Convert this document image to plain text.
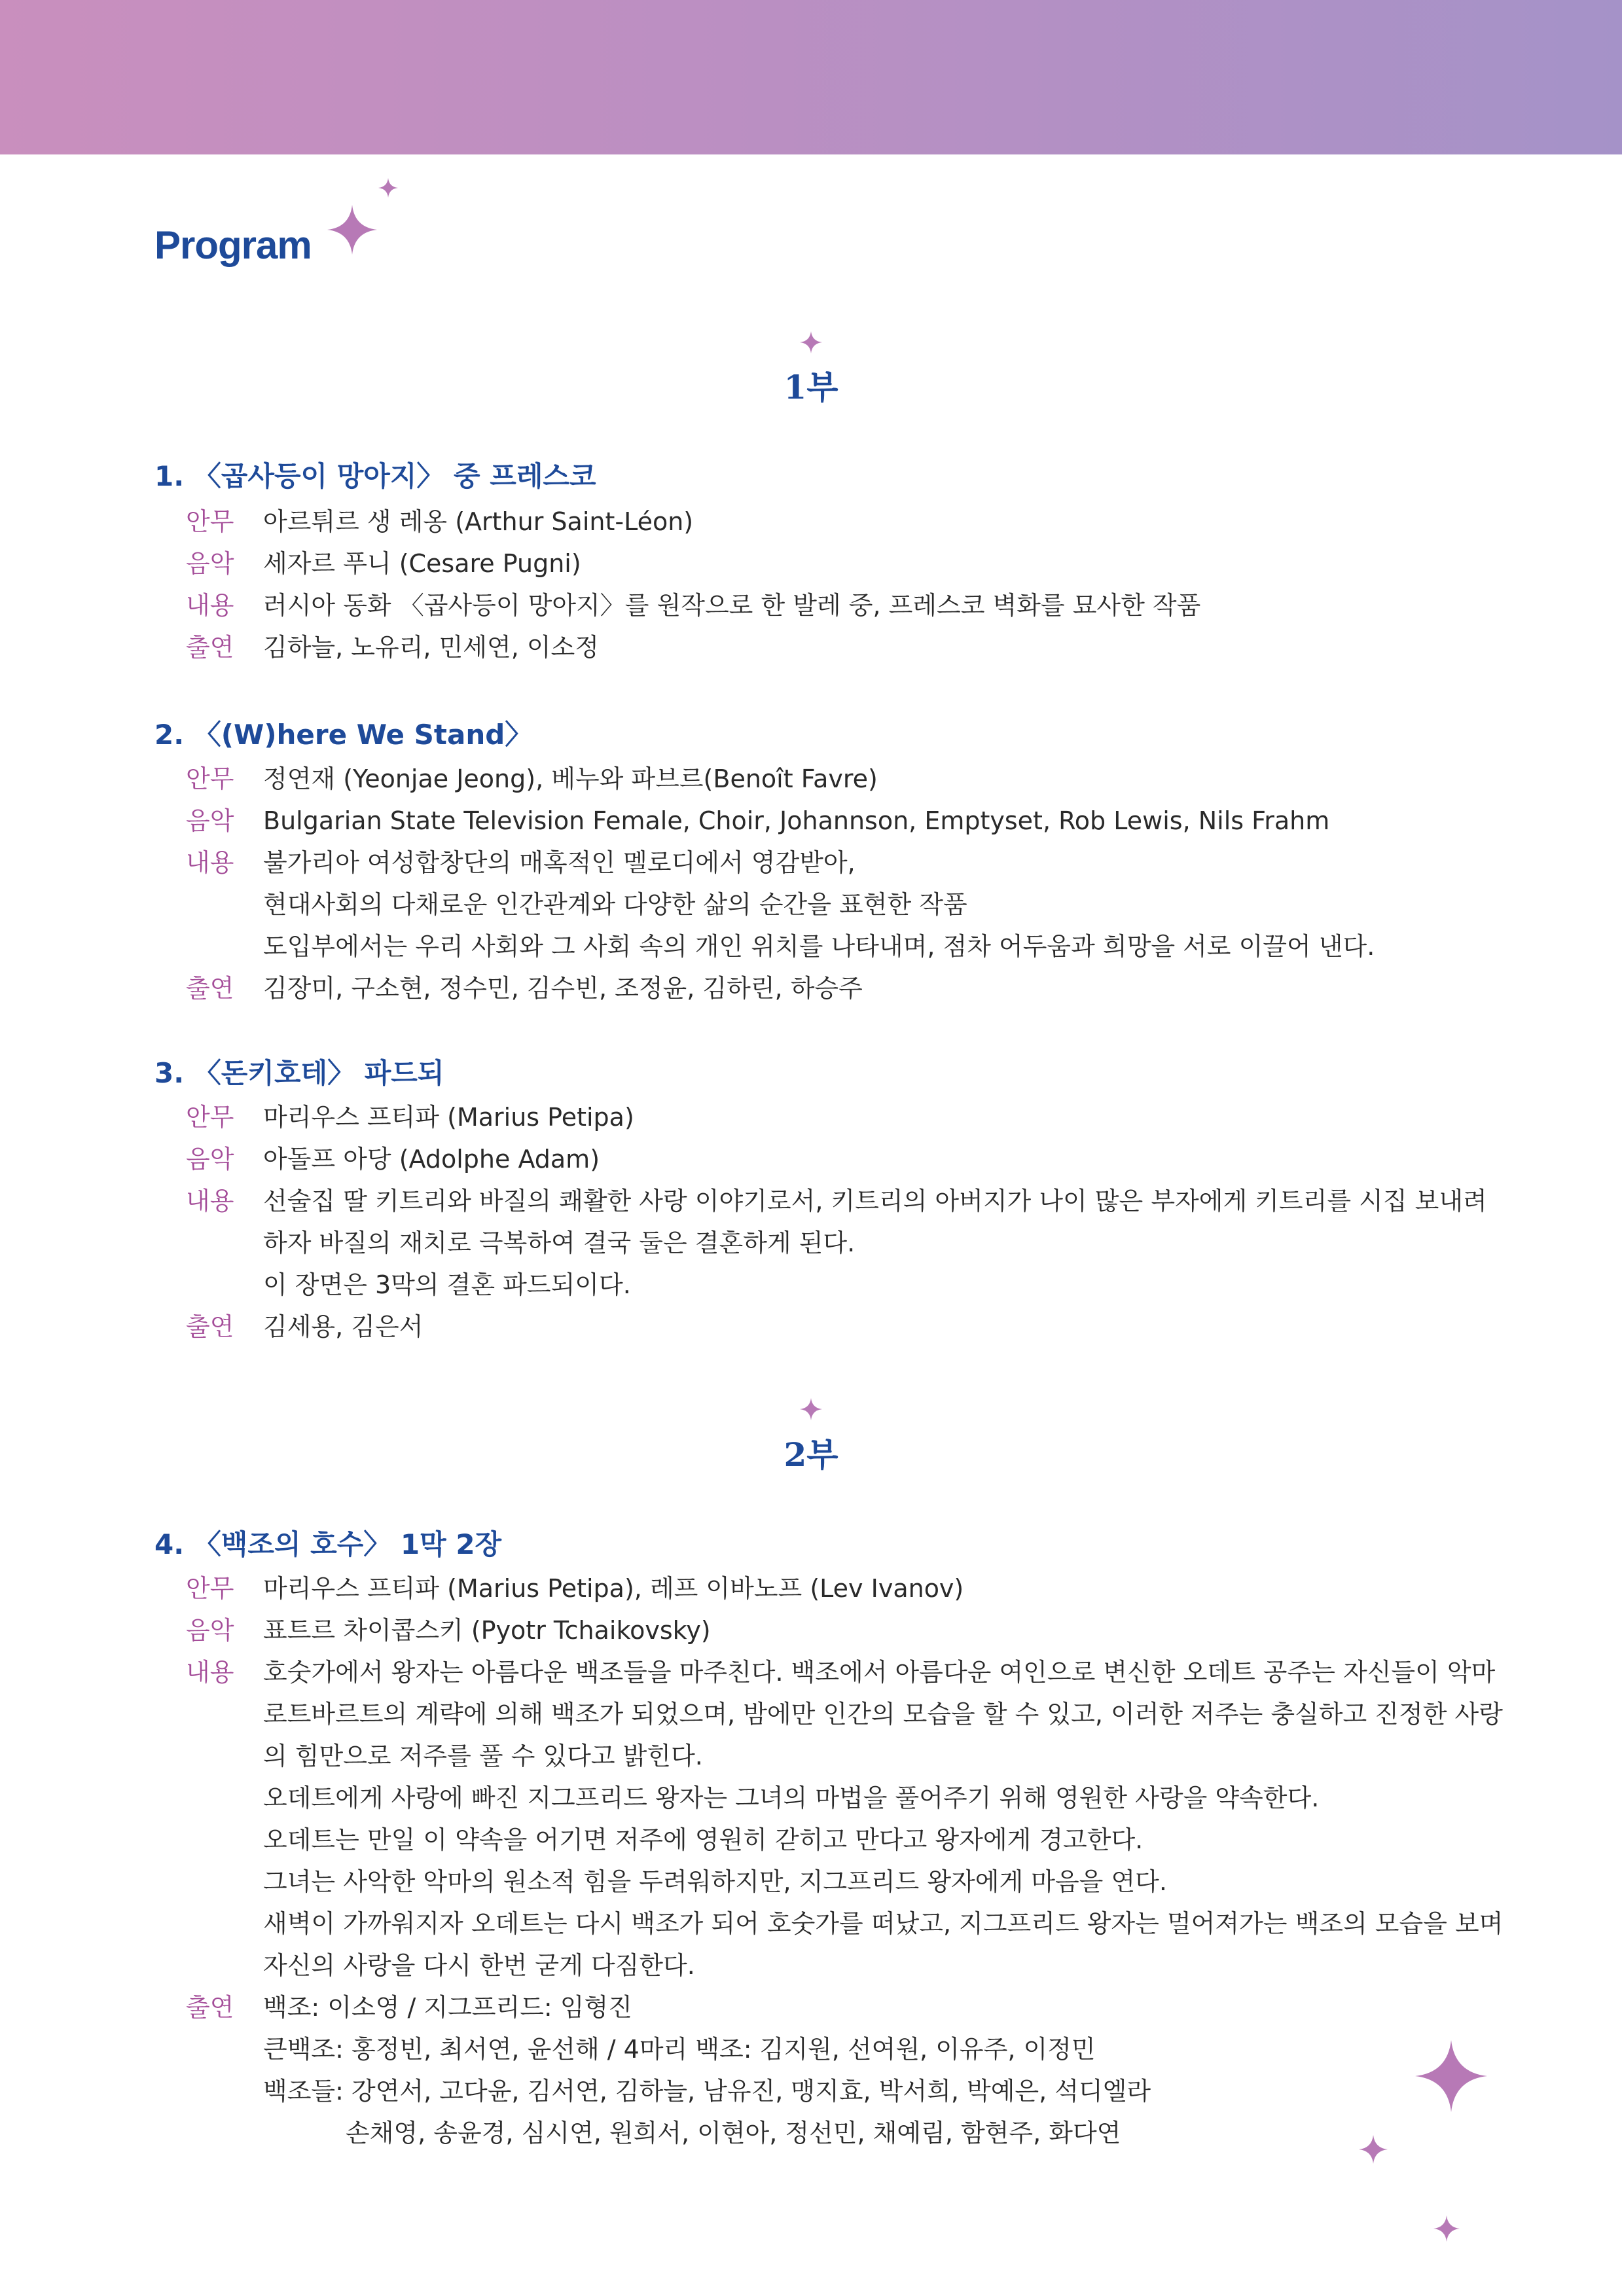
Program
1부
1. 〈곱사등이 망아지〉 중 프레스코
안무 아르튀르 생 레옹 (Arthur Saint-Léon)
음악 세자르 푸니 (Cesare Pugni)
내용 러시아 동화 〈곱사등이 망아지〉를 원작으로 한 발레 중, 프레스코 벽화를 묘사한 작품
출연 김하늘, 노유리, 민세연, 이소정
2. 〈(W)here We Stand〉
안무 정연재 (Yeonjae Jeong), 베누와 파브르(Benoît Favre)
음악 Bulgarian State Television Female, Choir, Johannson, Emptyset, Rob Lewis, Nils Frahm
내용 불가리아 여성합창단의 매혹적인 멜로디에서 영감받아,
현대사회의 다채로운 인간관계와 다양한 삶의 순간을 표현한 작품
도입부에서는 우리 사회와 그 사회 속의 개인 위치를 나타내며, 점차 어두움과 희망을 서로 이끌어 낸다.
출연 김장미, 구소현, 정수민, 김수빈, 조정윤, 김하린, 하승주
3. 〈돈키호테〉 파드되
안무 마리우스 프티파 (Marius Petipa)
음악 아돌프 아당 (Adolphe Adam)
내용 선술집 딸 키트리와 바질의 쾌활한 사랑 이야기로서, 키트리의 아버지가 나이 많은 부자에게 키트리를 시집 보내려
하자 바질의 재치로 극복하여 결국 둘은 결혼하게 된다.
이 장면은 3막의 결혼 파드되이다.
출연 김세용, 김은서
2부
4. 〈백조의 호수〉 1막 2장
안무 마리우스 프티파 (Marius Petipa), 레프 이바노프 (Lev Ivanov)
음악 표트르 차이콥스키 (Pyotr Tchaikovsky)
내용 호숫가에서 왕자는 아름다운 백조들을 마주친다. 백조에서 아름다운 여인으로 변신한 오데트 공주는 자신들이 악마
로트바르트의 계략에 의해 백조가 되었으며, 밤에만 인간의 모습을 할 수 있고, 이러한 저주는 충실하고 진정한 사랑
의 힘만으로 저주를 풀 수 있다고 밝힌다.
오데트에게 사랑에 빠진 지그프리드 왕자는 그녀의 마법을 풀어주기 위해 영원한 사랑을 약속한다.
오데트는 만일 이 약속을 어기면 저주에 영원히 갇히고 만다고 왕자에게 경고한다.
그녀는 사악한 악마의 원소적 힘을 두려워하지만, 지그프리드 왕자에게 마음을 연다.
새벽이 가까워지자 오데트는 다시 백조가 되어 호숫가를 떠났고, 지그프리드 왕자는 멀어져가는 백조의 모습을 보며
자신의 사랑을 다시 한번 굳게 다짐한다.
출연 백조: 이소영 / 지그프리드: 임형진
큰백조: 홍정빈, 최서연, 윤선해 / 4마리 백조: 김지원, 선여원, 이유주, 이정민
백조들: 강연서, 고다윤, 김서연, 김하늘, 남유진, 맹지효, 박서희, 박예은, 석디엘라
손채영, 송윤경, 심시연, 원희서, 이현아, 정선민, 채예림, 함현주, 화다연
